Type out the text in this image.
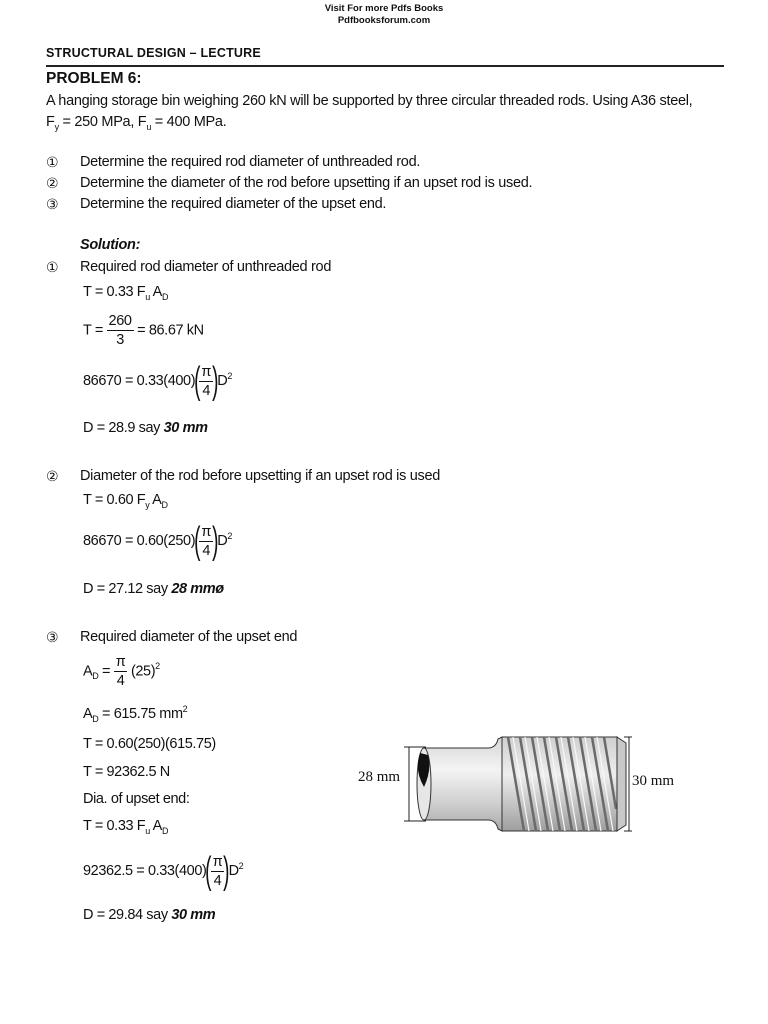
Visit For more Pdfs Books
Pdfbooksforum.com
STRUCTURAL DESIGN – LECTURE
PROBLEM 6:
A hanging storage bin weighing 260 kN will be supported by three circular threaded rods. Using A36 steel,
$F_y = 250$ MPa, $F_u = 400$ MPa.
① Determine the required rod diameter of unthreaded rod.
② Determine the diameter of the rod before upsetting if an upset rod is used.
③ Determine the required diameter of the upset end.
Solution:
① Required rod diameter of unthreaded rod
T = 0.33 $F_u$ $A_D$
$T = \frac{260}{3} = 86.67$ kN
$86670 = 0.33(400)( \frac{\pi}{4} )D^2$
D = 28.9 say 30 mm
② Diameter of the rod before upsetting if an upset rod is used
T = 0.60 $F_y$ $A_D$
$86670 = 0.60(250)( \frac{\pi}{4} )D^2$
D = 27.12 say 28 mmø
③ Required diameter of the upset end
$A_D = \frac{\pi}{4} (25)^2$
$A_D = 615.75$ $mm^2$
T = 0.60(250)(615.75)
T = 92362.5 N
Dia. of upset end:
T = 0.33 $F_u$ $A_D$
$92362.5 = 0.33(400)( \frac{\pi}{4} )D^2$
D = 29.84 say 30 mm
28 mm	30 mm
